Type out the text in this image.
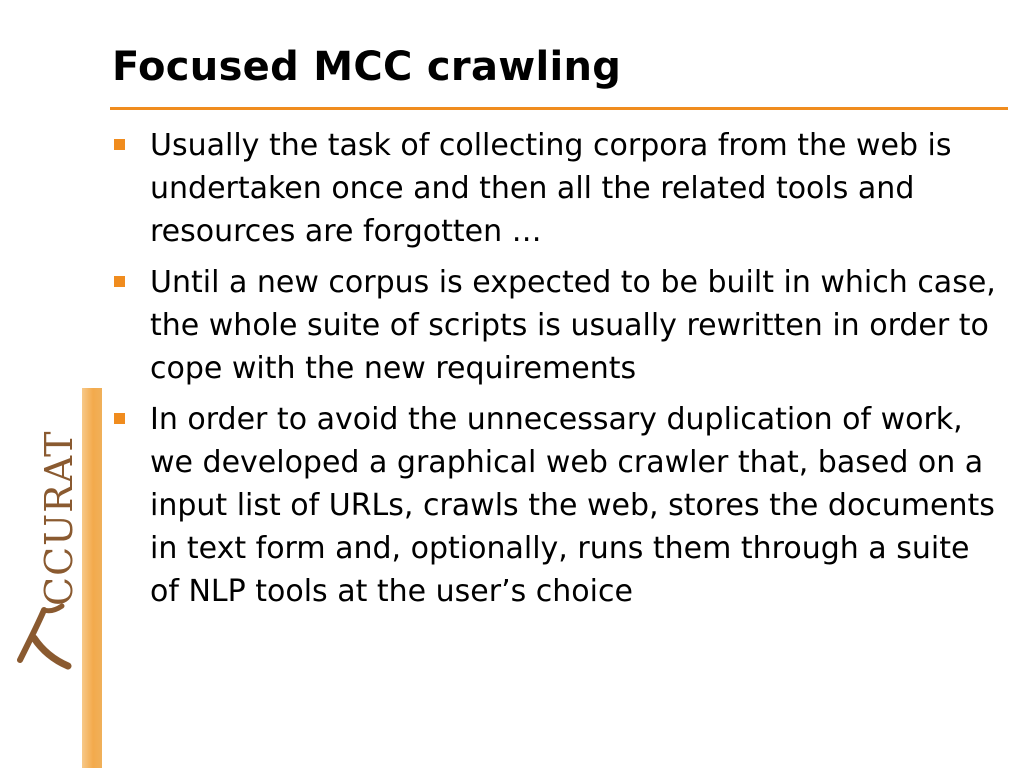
Focused MCC crawling
CCURAT
Usually the task of collecting corpora from the web is undertaken once and then all the related tools and resources are forgotten …
Until a new corpus is expected to be built in which case, the whole suite of scripts is usually rewritten in order to cope with the new requirements
In order to avoid the unnecessary duplication of work, we developed a graphical web crawler that, based on a input list of URLs, crawls the web, stores the documents in text form and, optionally, runs them through a suite of NLP tools at the user’s choice
